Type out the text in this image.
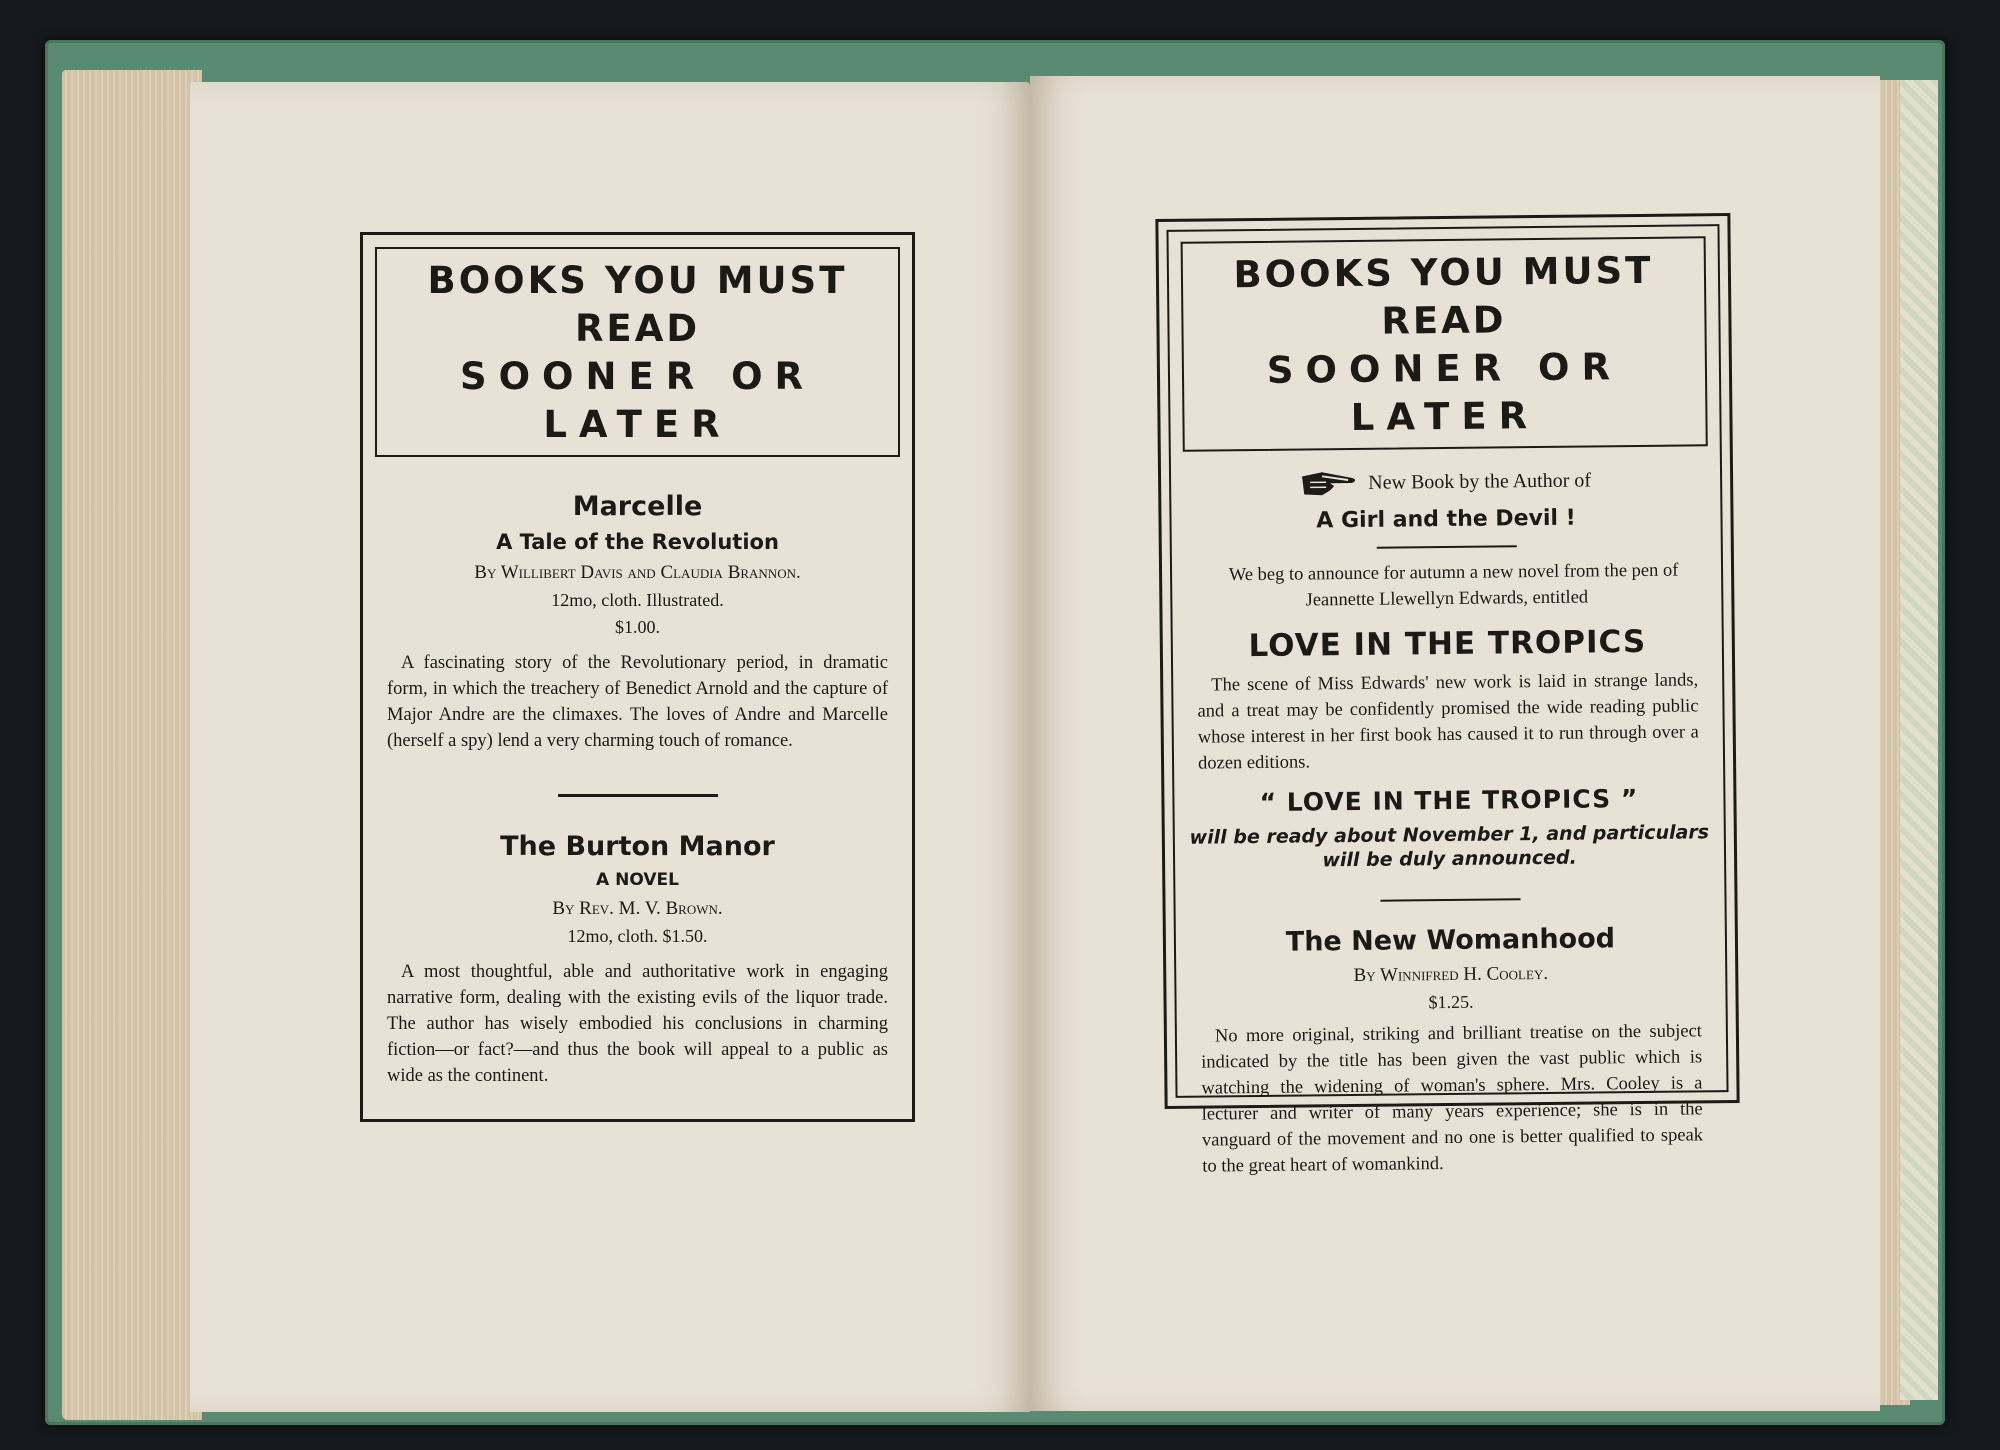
BOOKS YOU MUST READ
SOONER OR LATER
Marcelle
A Tale of the Revolution
By Willibert Davis and Claudia Brannon.
12mo, cloth. Illustrated.
$1.00.
A fascinating story of the Revolutionary period, in dramatic form, in which the treachery of Benedict Arnold and the capture of Major Andre are the climaxes. The loves of Andre and Marcelle (herself a spy) lend a very charming touch of romance.
The Burton Manor
A NOVEL
By Rev. M. V. Brown.
12mo, cloth. $1.50.
A most thoughtful, able and authoritative work in engaging narrative form, dealing with the existing evils of the liquor trade. The author has wisely embodied his conclusions in charming fiction—or fact?—and thus the book will appeal to a public as wide as the continent.
BOOKS YOU MUST READ
SOONER OR LATER
New Book by the Author of
A Girl and the Devil !
We beg to announce for autumn a new novel from the pen of Jeannette Llewellyn Edwards, entitled
LOVE IN THE TROPICS
The scene of Miss Edwards' new work is laid in strange lands, and a treat may be confidently promised the wide reading public whose interest in her first book has caused it to run through over a dozen editions.
“ LOVE IN THE TROPICS ”
will be ready about November 1, and particulars will be duly announced.
The New Womanhood
By Winnifred H. Cooley.
$1.25.
No more original, striking and brilliant treatise on the subject indicated by the title has been given the vast public which is watching the widening of woman's sphere. Mrs. Cooley is a lecturer and writer of many years experience; she is in the vanguard of the movement and no one is better qualified to speak to the great heart of womankind.
